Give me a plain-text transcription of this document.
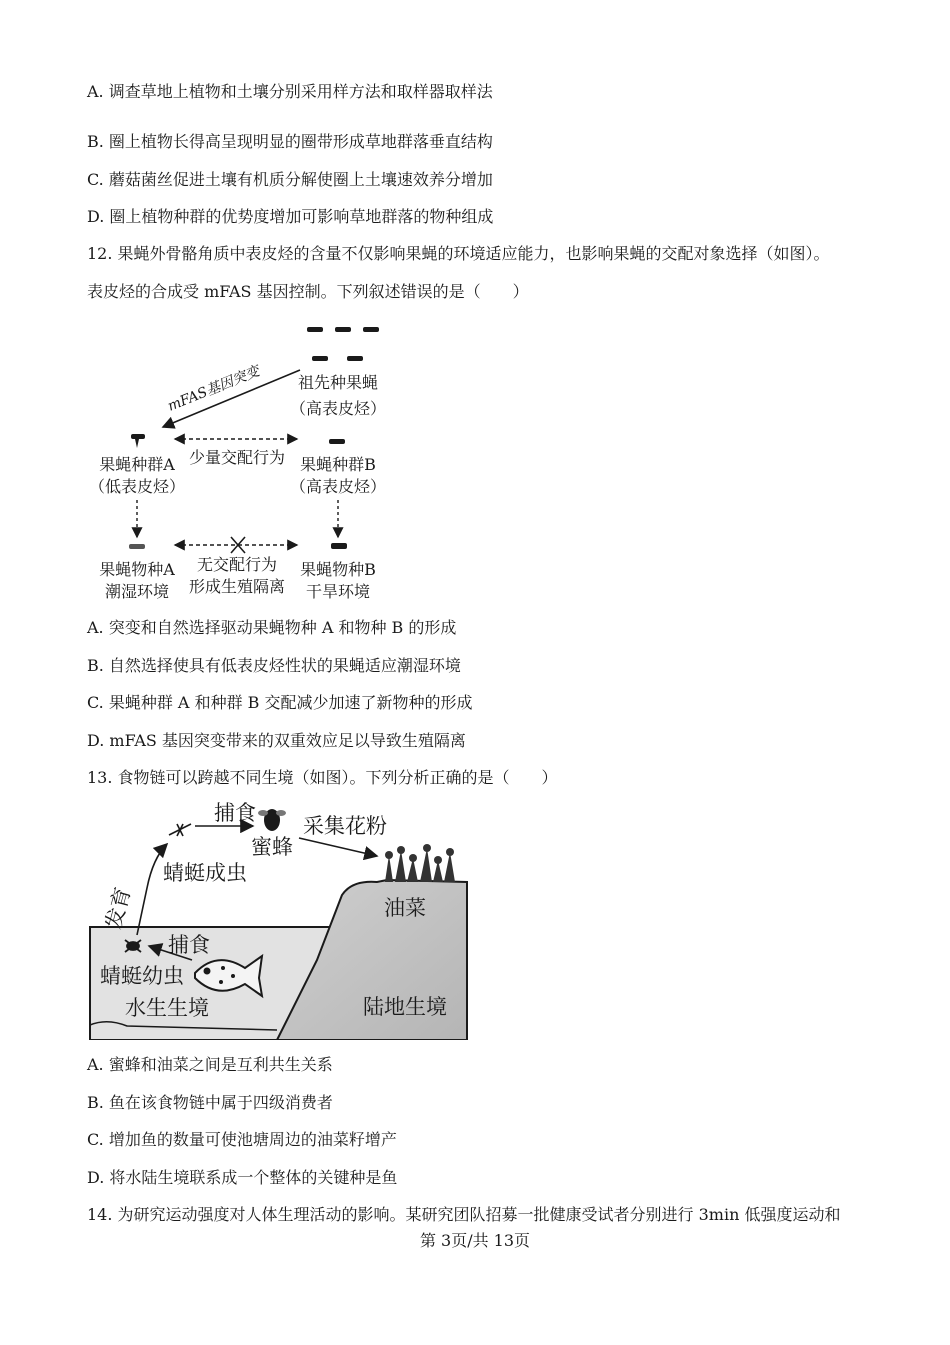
A. 调查草地上植物和土壤分别采用样方法和取样器取样法
B. 圈上植物长得高呈现明显的圈带形成草地群落垂直结构
C. 蘑菇菌丝促进土壤有机质分解使圈上土壤速效养分增加
D. 圈上植物种群的优势度增加可影响草地群落的物种组成
12. 果蝇外骨骼角质中表皮烃的含量不仅影响果蝇的环境适应能力，也影响果蝇的交配对象选择（如图）。
表皮烃的合成受 mFAS 基因控制。下列叙述错误的是（　　）
祖先种果蝇
（高表皮烃）
mFAS基因突变
少量交配行为
果蝇种群A
（低表皮烃）
果蝇种群B
（高表皮烃）
无交配行为
形成生殖隔离
果蝇物种A
潮湿环境
果蝇物种B
干旱环境
A. 突变和自然选择驱动果蝇物种 A 和物种 B 的形成
B. 自然选择使具有低表皮烃性状的果蝇适应潮湿环境
C. 果蝇种群 A 和种群 B 交配减少加速了新物种的形成
D. mFAS 基因突变带来的双重效应足以导致生殖隔离
13. 食物链可以跨越不同生境（如图）。下列分析正确的是（　　）
油菜
陆地生境
捕食
蜜蜂
采集花粉
蜻蜓成虫
发育
捕食
蜻蜓幼虫
水生生境
A. 蜜蜂和油菜之间是互利共生关系
B. 鱼在该食物链中属于四级消费者
C. 增加鱼的数量可使池塘周边的油菜籽增产
D. 将水陆生境联系成一个整体的关键种是鱼
14. 为研究运动强度对人体生理活动的影响。某研究团队招募一批健康受试者分别进行 3min 低强度运动和
第 3页/共 13页
